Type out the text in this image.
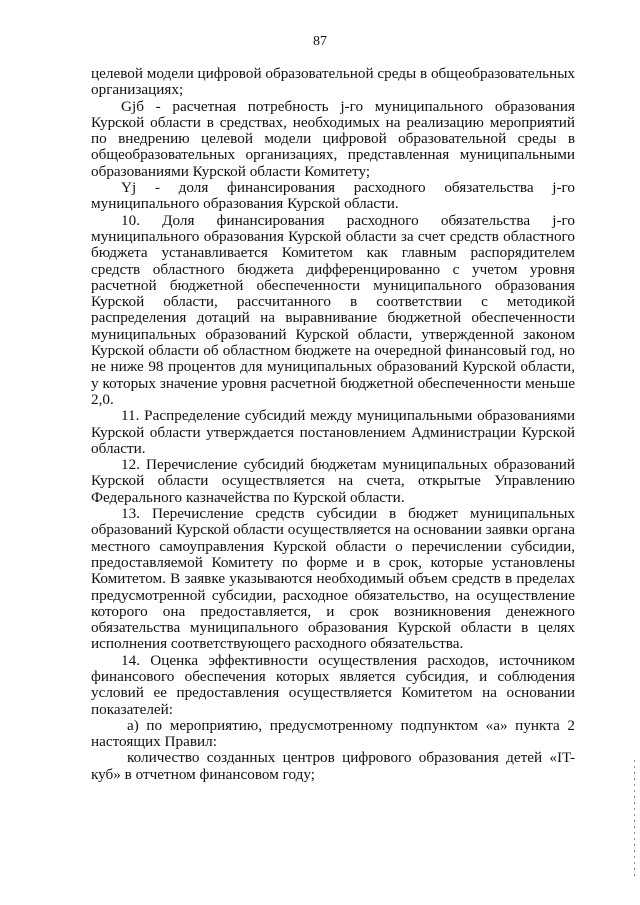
87

целевой модели цифровой образовательной среды в общеобразовательных организациях;

Gjб - расчетная потребность j-го муниципального образования Курской области в средствах, необходимых на реализацию мероприятий по внедрению целевой модели цифровой образовательной среды в общеобразовательных организациях, представленная муниципальными образованиями Курской области Комитету;

Yj - доля финансирования расходного обязательства j-го муниципального образования Курской области.

10. Доля финансирования расходного обязательства j-го муниципального образования Курской области за счет средств областного бюджета устанавливается Комитетом как главным распорядителем средств областного бюджета дифференцированно с учетом уровня расчетной бюджетной обеспеченности муниципального образования Курской области, рассчитанного в соответствии с методикой распределения дотаций на выравнивание бюджетной обеспеченности муниципальных образований Курской области, утвержденной законом Курской области об областном бюджете на очередной финансовый год, но не ниже 98 процентов для муниципальных образований Курской области, у которых значение уровня расчетной бюджетной обеспеченности меньше 2,0.

11. Распределение субсидий между муниципальными образованиями Курской области утверждается постановлением Администрации Курской области.

12. Перечисление субсидий бюджетам муниципальных образований Курской области осуществляется на счета, открытые Управлению Федерального казначейства по Курской области.

13. Перечисление средств субсидии в бюджет муниципальных образований Курской области осуществляется на основании заявки органа местного самоуправления Курской области о перечислении субсидии, предоставляемой Комитету по форме и в срок, которые установлены Комитетом. В заявке указываются необходимый объем средств в пределах предусмотренной субсидии, расходное обязательство, на осуществление которого она предоставляется, и срок возникновения денежного обязательства муниципального образования Курской области в целях исполнения соответствующего расходного обязательства.

14. Оценка эффективности осуществления расходов, источником финансового обеспечения которых является субсидия, и соблюдения условий ее предоставления осуществляется Комитетом на основании показателей:

а) по мероприятию, предусмотренному подпунктом «а» пункта 2 настоящих Правил:

количество созданных центров цифрового образования детей «IT-куб» в отчетном финансовом году;
